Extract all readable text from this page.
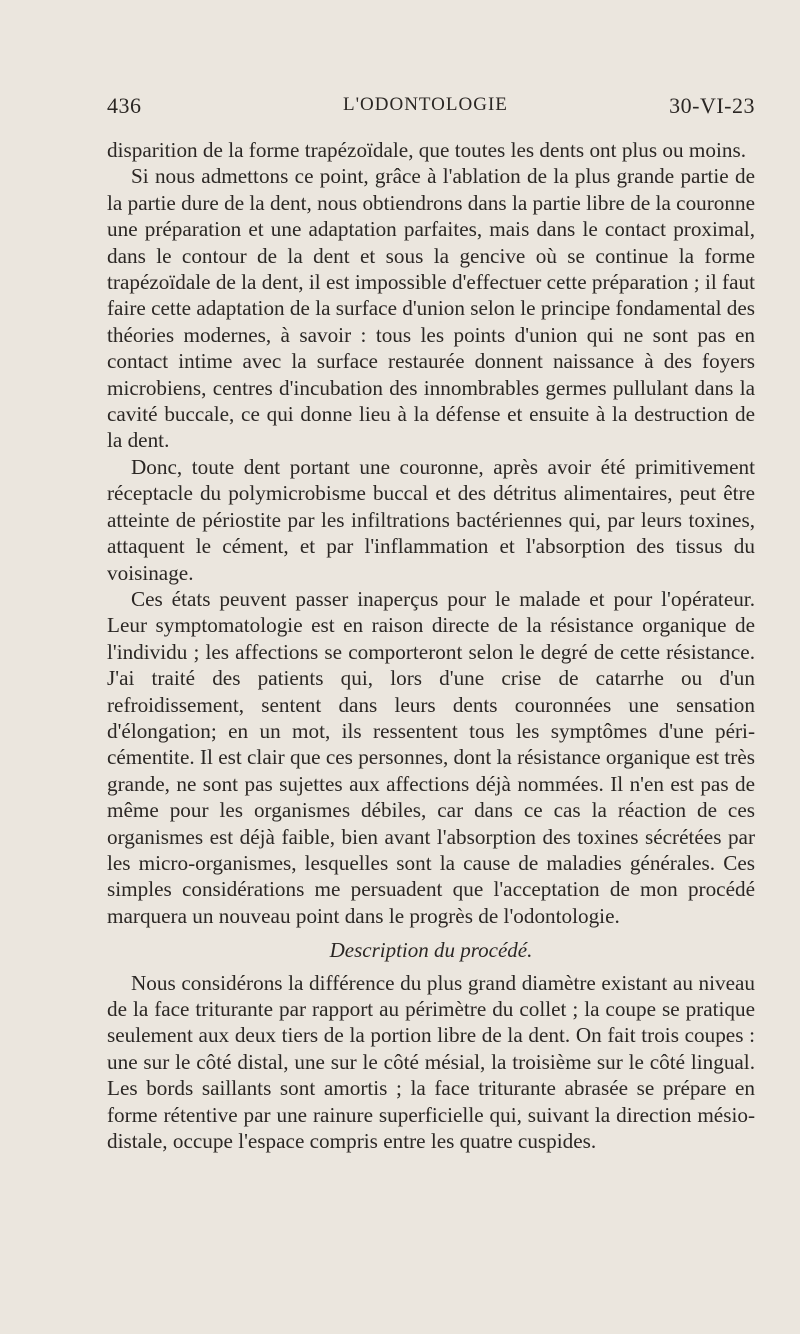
436	L'ODONTOLOGIE	30-VI-23

disparition de la forme trapézoïdale, que toutes les dents ont plus ou moins.

Si nous admettons ce point, grâce à l'ablation de la plus grande partie de la partie dure de la dent, nous obtiendrons dans la partie libre de la couronne une préparation et une adaptation parfaites, mais dans le contact proximal, dans le contour de la dent et sous la gencive où se continue la forme trapézoïdale de la dent, il est impossible d'effectuer cette préparation ; il faut faire cette adaptation de la surface d'union selon le principe fondamental des théories modernes, à savoir : tous les points d'union qui ne sont pas en contact intime avec la surface restaurée donnent naissance à des foyers microbiens, centres d'incubation des innombrables germes pullulant dans la cavité buccale, ce qui donne lieu à la défense et ensuite à la destruction de la dent.

Donc, toute dent portant une couronne, après avoir été primitivement réceptacle du polymicrobisme buccal et des détritus alimentaires, peut être atteinte de périostite par les infiltrations bactériennes qui, par leurs toxines, attaquent le cément, et par l'inflammation et l'absorption des tissus du voisinage.

Ces états peuvent passer inaperçus pour le malade et pour l'opérateur. Leur symptomatologie est en raison directe de la résistance organique de l'individu ; les affections se comporteront selon le degré de cette résistance. J'ai traité des patients qui, lors d'une crise de catarrhe ou d'un refroidissement, sentent dans leurs dents couronnées une sensation d'élongation; en un mot, ils ressentent tous les symptômes d'une péri-cémentite. Il est clair que ces personnes, dont la résistance organique est très grande, ne sont pas sujettes aux affections déjà nommées. Il n'en est pas de même pour les organismes débiles, car dans ce cas la réaction de ces organismes est déjà faible, bien avant l'absorption des toxines sécrétées par les micro-organismes, lesquelles sont la cause de maladies générales. Ces simples considérations me persuadent que l'acceptation de mon procédé marquera un nouveau point dans le progrès de l'odontologie.

Description du procédé.

Nous considérons la différence du plus grand diamètre existant au niveau de la face triturante par rapport au périmètre du collet ; la coupe se pratique seulement aux deux tiers de la portion libre de la dent. On fait trois coupes : une sur le côté distal, une sur le côté mésial, la troisième sur le côté lingual. Les bords saillants sont amortis ; la face triturante abrasée se prépare en forme rétentive par une rainure superficielle qui, suivant la direction mésio-distale, occupe l'espace compris entre les quatre cuspides.
